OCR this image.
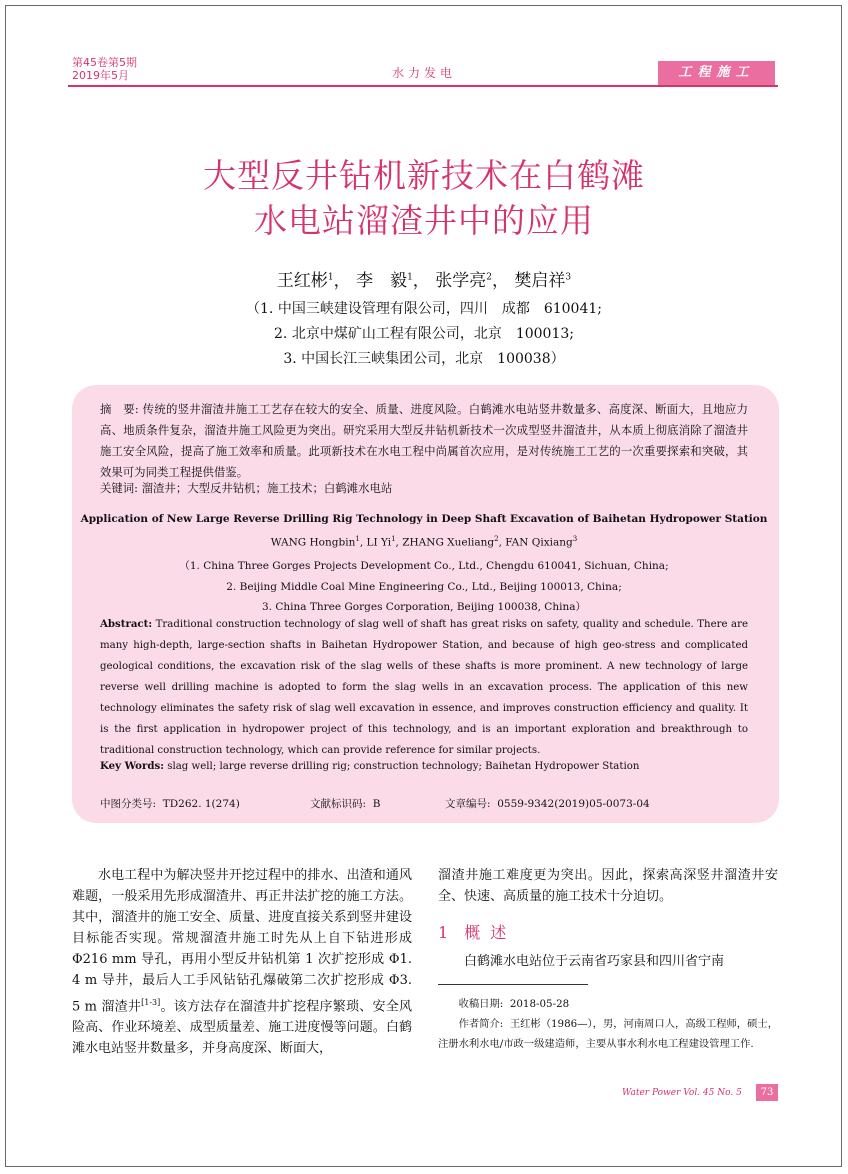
第45卷第5期
2019年5月	水力发电	工程施工
大型反井钻机新技术在白鹤滩
水电站溜渣井中的应用
王红彬$^1$， 李　毅$^1$， 张学亮$^2$， 樊启祥$^3$
（1. 中国三峡建设管理有限公司，四川　成都　610041;
2. 北京中煤矿山工程有限公司，北京　100013;
3. 中国长江三峡集团公司，北京　100038）
摘　要: 传统的竖井溜渣井施工工艺存在较大的安全、质量、进度风险。白鹤滩水电站竖井数量多、高度深、断面大，且地应力高、地质条件复杂，溜渣井施工风险更为突出。研究采用大型反井钻机新技术一次成型竖井溜渣井，从本质上彻底消除了溜渣井施工安全风险，提高了施工效率和质量。此项新技术在水电工程中尚属首次应用，是对传统施工工艺的一次重要探索和突破，其效果可为同类工程提供借鉴。
关键词: 溜渣井；大型反井钻机；施工技术；白鹤滩水电站
Application of New Large Reverse Drilling Rig Technology in Deep Shaft Excavation of Baihetan Hydropower Station
WANG Hongbin$^1$, LI Yi$^1$, ZHANG Xueliang$^2$, FAN Qixiang$^3$
（1. China Three Gorges Projects Development Co., Ltd., Chengdu 610041, Sichuan, China;
2. Beijing Middle Coal Mine Engineering Co., Ltd., Beijing 100013, China;
3. China Three Gorges Corporation, Beijing 100038, China）
Abstract: Traditional construction technology of slag well of shaft has great risks on safety, quality and schedule. There are many high-depth, large-section shafts in Baihetan Hydropower Station, and because of high geo-stress and complicated geological conditions, the excavation risk of the slag wells of these shafts is more prominent. A new technology of large reverse well drilling machine is adopted to form the slag wells in an excavation process. The application of this new technology eliminates the safety risk of slag well excavation in essence, and improves construction efficiency and quality. It is the first application in hydropower project of this technology, and is an important exploration and breakthrough to traditional construction technology, which can provide reference for similar projects.
Key Words: slag well; large reverse drilling rig; construction technology; Baihetan Hydropower Station
中图分类号: TD262. 1(274)	文献标识码: B	文章编号: 0559-9342(2019)05-0073-04
水电工程中为解决竖井开挖过程中的排水、出渣和通风难题，一般采用先形成溜渣井、再正井法扩挖的施工方法。其中，溜渣井的施工安全、质量、进度直接关系到竖井建设目标能否实现。常规溜渣井施工时先从上自下钻进形成 Φ216 mm 导孔，再用小型反井钻机第 1 次扩挖形成 Φ1. 4 m 导井，最后人工手风钻钻孔爆破第二次扩挖形成 Φ3. 5 m 溜渣井[1-3]。该方法存在溜渣井扩挖程序繁琐、安全风险高、作业环境差、成型质量差、施工进度慢等问题。白鹤滩水电站竖井数量多，并身高度深、断面大，
溜渣井施工难度更为突出。因此，探索高深竖井溜渣井安全、快速、高质量的施工技术十分迫切。
1 概述
白鹤滩水电站位于云南省巧家县和四川省宁南
收稿日期: 2018-05-28
作者简介: 王红彬（1986—），男，河南周口人，高级工程师，硕士，注册水利水电/市政一级建造师，主要从事水利水电工程建设管理工作.
Water Power Vol. 45 No. 5	73
